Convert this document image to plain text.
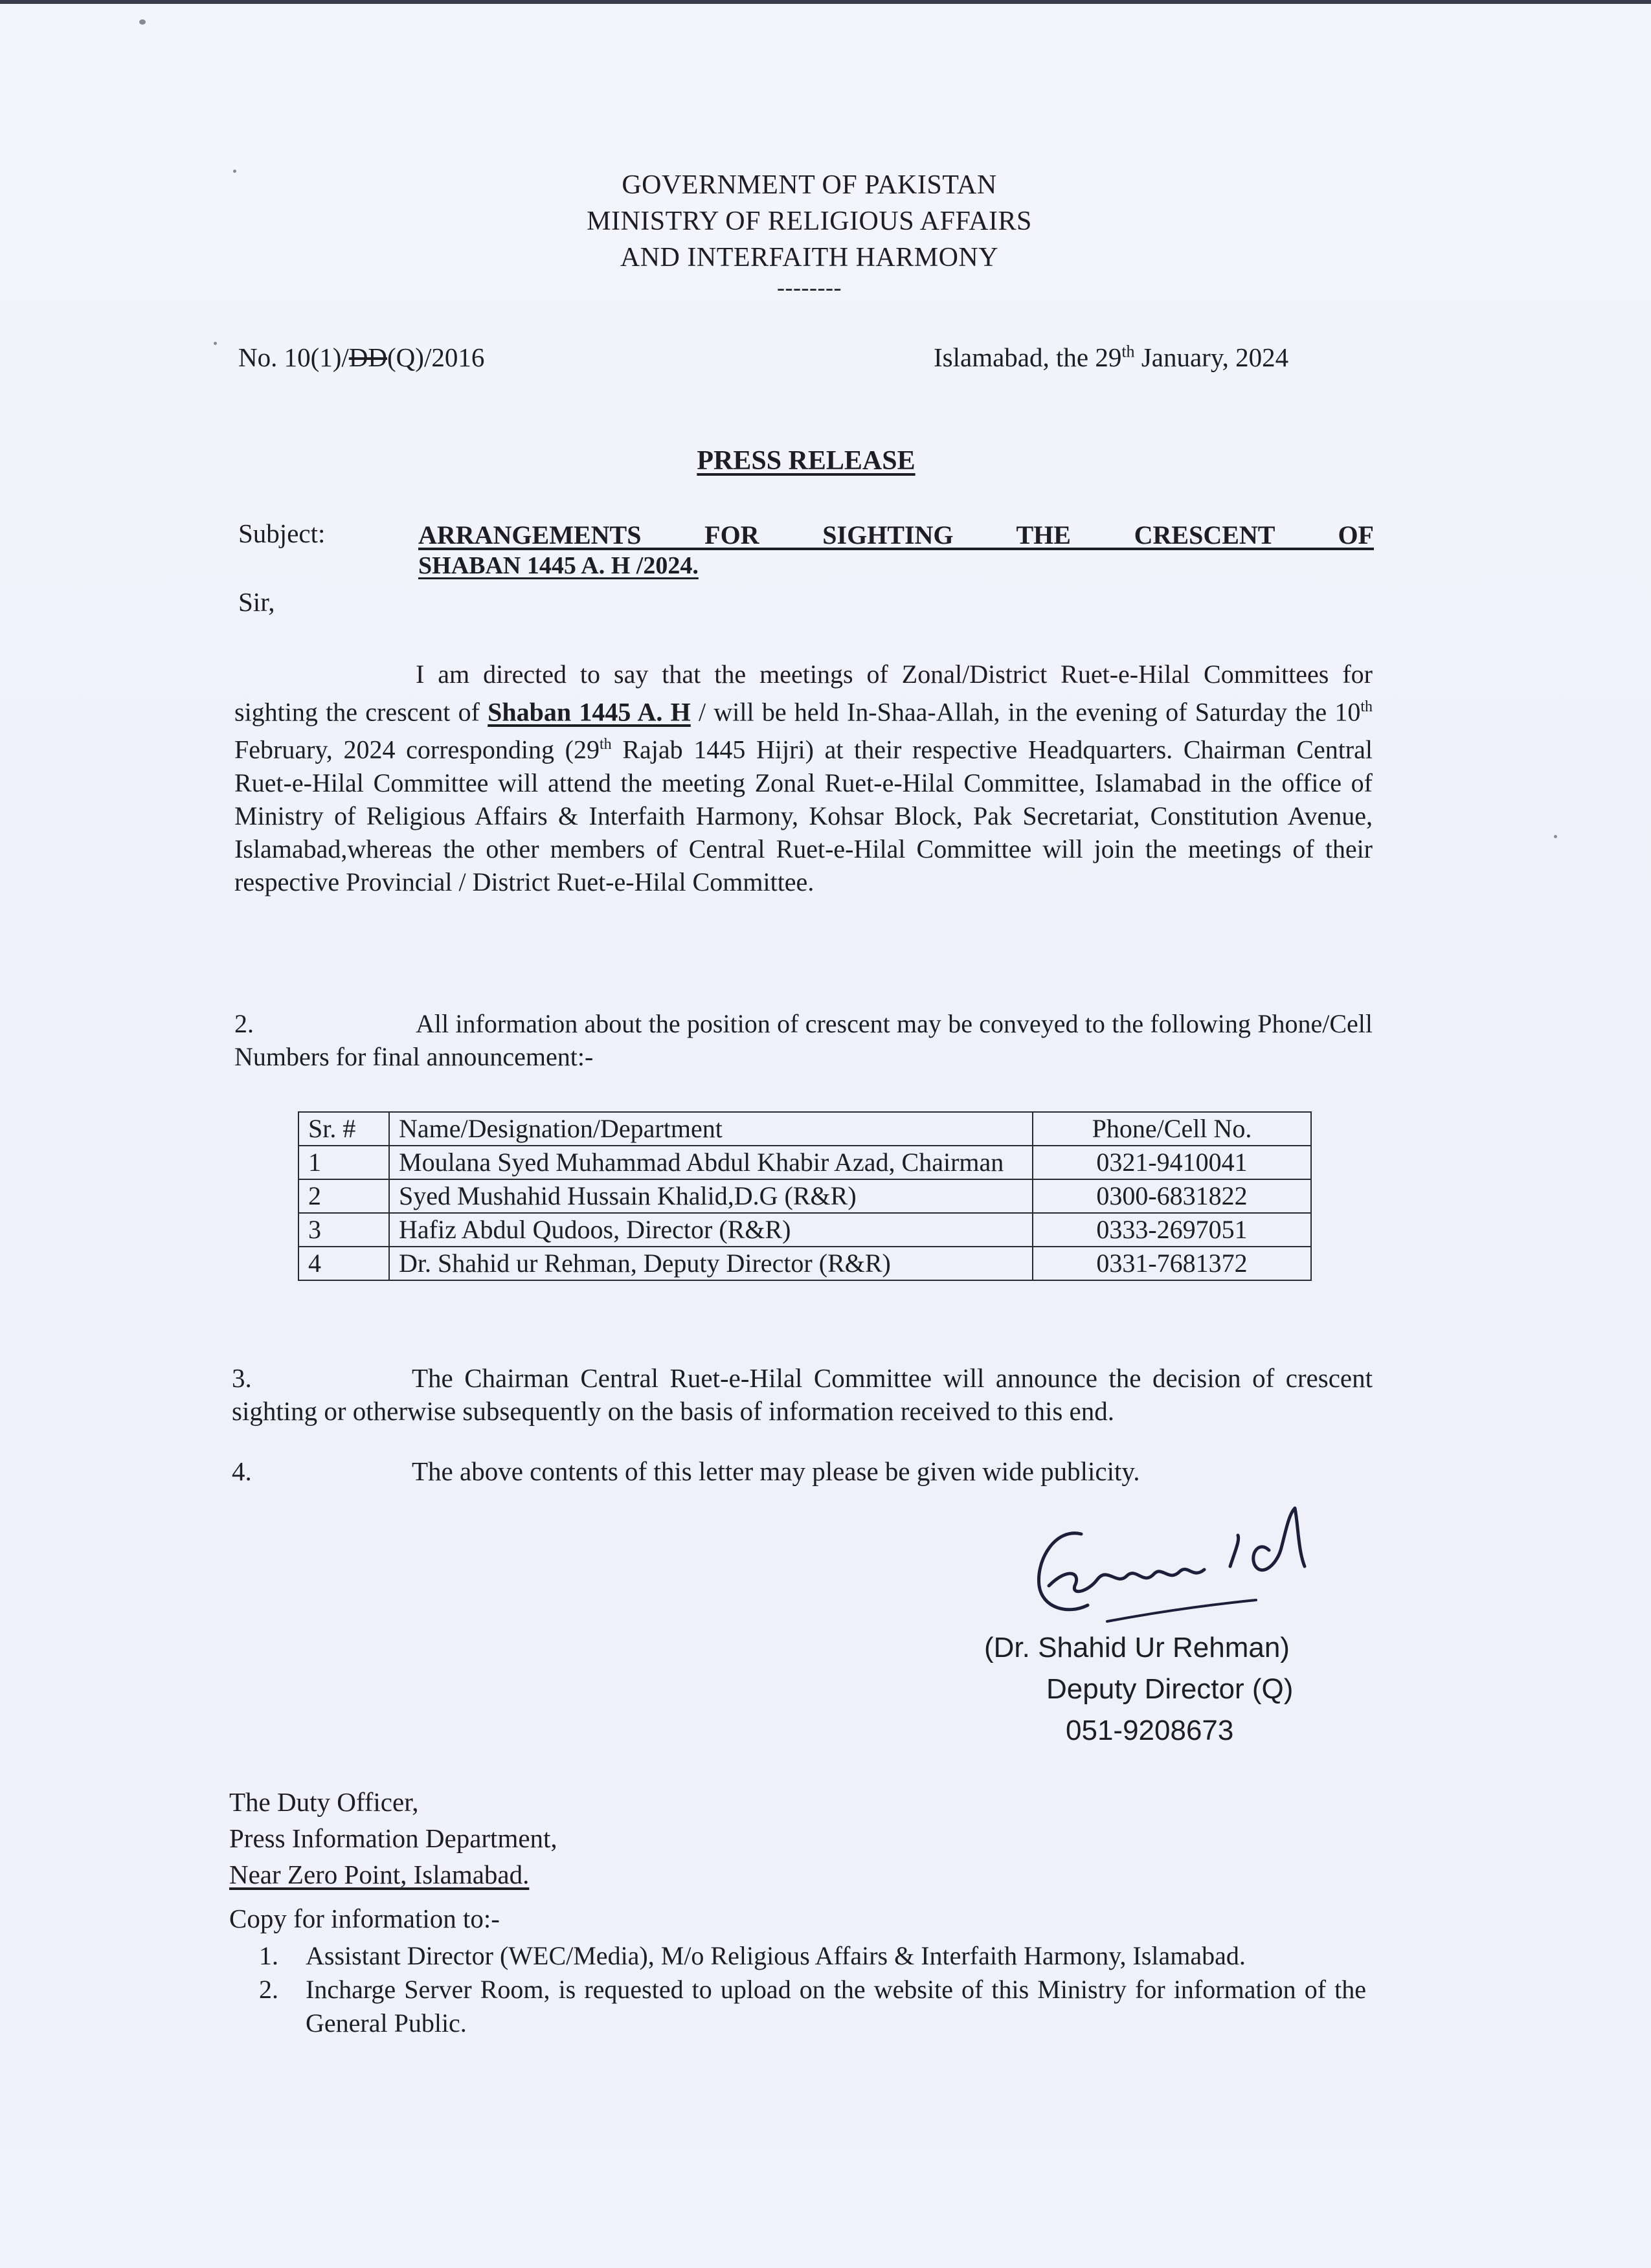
GOVERNMENT OF PAKISTAN
MINISTRY OF RELIGIOUS AFFAIRS
AND INTERFAITH HARMONY
--------
No. 10(1)/DD(Q)/2016	Islamabad, the 29th January, 2024
PRESS RELEASE
Subject:	ARRANGEMENTS FOR SIGHTING THE CRESCENT OF
SHABAN 1445 A. H /2024.
Sir,
I am directed to say that the meetings of Zonal/District Ruet-e-Hilal Committees for sighting the crescent of Shaban 1445 A. H / will be held In-Shaa-Allah, in the evening of Saturday the 10th February, 2024 corresponding (29th Rajab 1445 Hijri) at their respective Headquarters. Chairman Central Ruet-e-Hilal Committee will attend the meeting Zonal Ruet-e-Hilal Committee, Islamabad in the office of Ministry of Religious Affairs & Interfaith Harmony, Kohsar Block, Pak Secretariat, Constitution Avenue, Islamabad,whereas the other members of Central Ruet-e-Hilal Committee will join the meetings of their respective Provincial / District Ruet-e-Hilal Committee.
2.	All information about the position of crescent may be conveyed to the following Phone/Cell Numbers for final announcement:-
Sr. #	Name/Designation/Department	Phone/Cell No.
1	Moulana Syed Muhammad Abdul Khabir Azad, Chairman	0321-9410041
2	Syed Mushahid Hussain Khalid,D.G (R&R)	0300-6831822
3	Hafiz Abdul Qudoos, Director (R&R)	0333-2697051
4	Dr. Shahid ur Rehman, Deputy Director (R&R)	0331-7681372
3.	The Chairman Central Ruet-e-Hilal Committee will announce the decision of crescent sighting or otherwise subsequently on the basis of information received to this end.
4.	The above contents of this letter may please be given wide publicity.
(Dr. Shahid Ur Rehman)
Deputy Director (Q)
051-9208673
The Duty Officer,
Press Information Department,
Near Zero Point, Islamabad.
Copy for information to:-
1. Assistant Director (WEC/Media), M/o Religious Affairs & Interfaith Harmony, Islamabad.
2. Incharge Server Room, is requested to upload on the website of this Ministry for information of the General Public.
